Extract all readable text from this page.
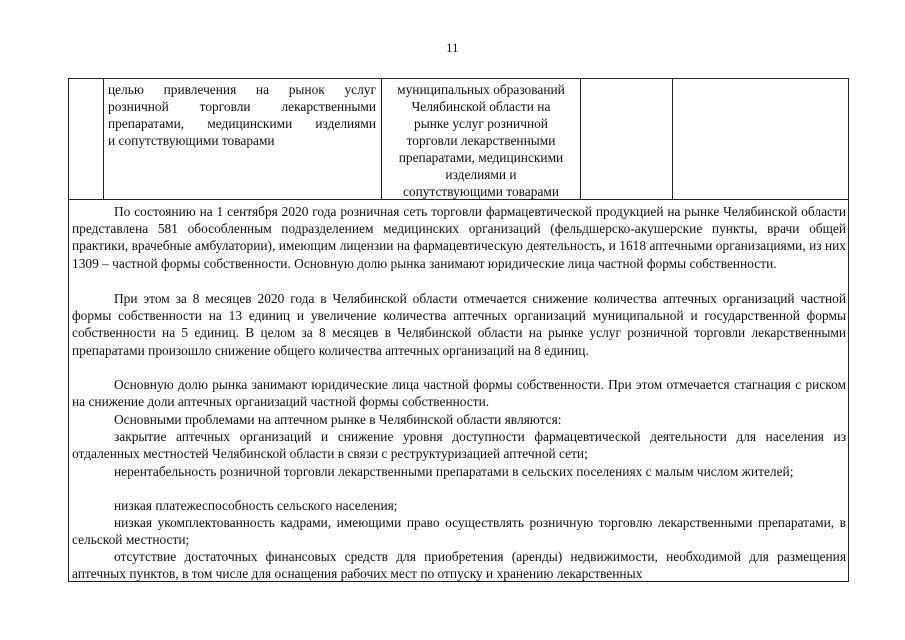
11
целью привлечения на рынок услуг
розничной торговли лекарственными
препаратами, медицинскими изделиями
и сопутствующими товарами
муниципальных образований
Челябинской области на
рынке услуг розничной
торговли лекарственными
препаратами, медицинскими
изделиями и
сопутствующими товарами

По состоянию на 1 сентября 2020 года розничная сеть торговли фармацевтической продукцией на рынке Челябинской области представлена 581 обособленным подразделением медицинских организаций (фельдшерско-акушерские пункты, врачи общей практики, врачебные амбулатории), имеющим лицензии на фармацевтическую деятельность, и 1618 аптечными организациями, из них 1309 – частной формы собственности. Основную долю рынка занимают юридические лица частной формы собственности.

При этом за 8 месяцев 2020 года в Челябинской области отмечается снижение количества аптечных организаций частной формы собственности на 13 единиц и увеличение количества аптечных организаций муниципальной и государственной формы собственности на 5 единиц. В целом за 8 месяцев в Челябинской области на рынке услуг розничной торговли лекарственными препаратами произошло снижение общего количества аптечных организаций на 8 единиц.

Основную долю рынка занимают юридические лица частной формы собственности. При этом отмечается стагнация с риском на снижение доли аптечных организаций частной формы собственности.

Основными проблемами на аптечном рынке в Челябинской области являются:

закрытие аптечных организаций и снижение уровня доступности фармацевтической деятельности для населения из отдаленных местностей Челябинской области в связи с реструктуризацией аптечной сети;

нерентабельность розничной торговли лекарственными препаратами в сельских поселениях с малым числом жителей;

низкая платежеспособность сельского населения;

низкая укомплектованность кадрами, имеющими право осуществлять розничную торговлю лекарственными препаратами, в сельской местности;

отсутствие достаточных финансовых средств для приобретения (аренды) недвижимости, необходимой для размещения аптечных пунктов, в том числе для оснащения рабочих мест по отпуску и хранению лекарственных
